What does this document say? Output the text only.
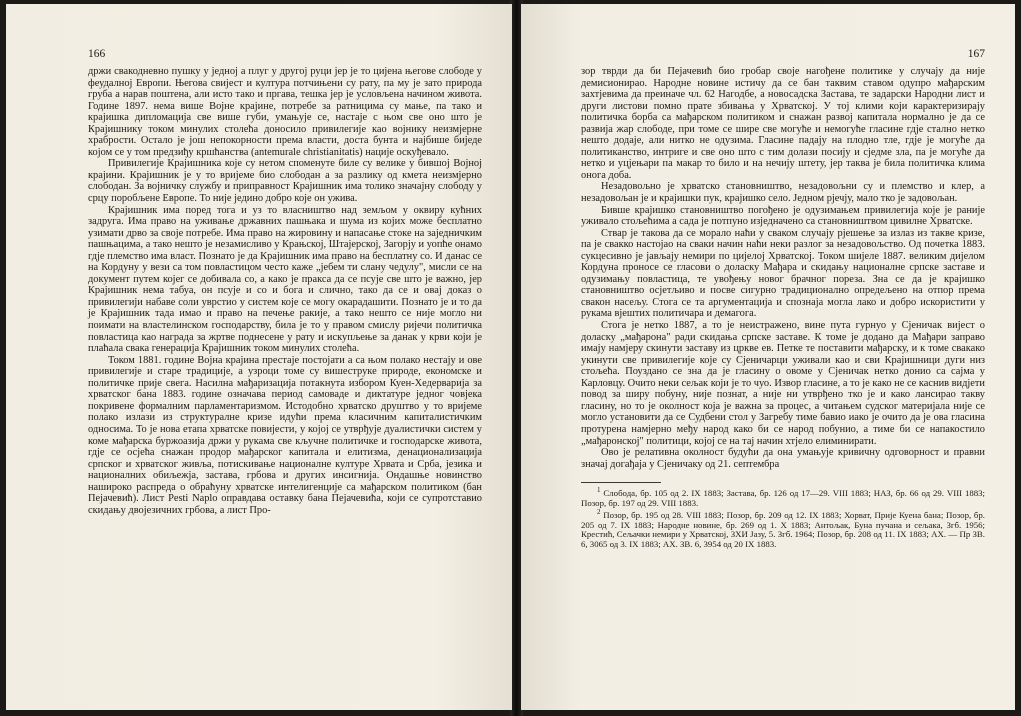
166

држи свакодневно пушку у једној а плуг у другој руци јер је то цијена његове слободе у феудалној Европи. Његова свијест и култура потчињени су рату, па му је зато природа груба а нарав поштена, али исто тако и пргава, тешка јер је условљена начином живота. Године 1897. нема више Војне крајине, потребе за ратницима су мање, па тако и крајишка дипломација све више губи, умањује се, настаје с њом све оно што је Крајишнику током минулих столећа доносило привилегије као војнику неизмјерне храбрости. Остало је још непокорности према власти, доста бунта и најбише биједе којом се у том предзиђу кршћанства (antemurale christianitatis) нације оскуђевало.

Привилегије Крајишника које су нетом споменуте биле су велике у бившој Војној крајини. Крајишник је у то вријеме био слободан а за разлику од кмета неизмјерно слободан. За војничку службу и приправност Крајишник има толико значајну слободу у срцу поробљене Европе. То није једино добро које он ужива.

Крајишник има поред тога и уз то власништво над земљом у оквиру кућних задруга. Има право на уживање државних пашњака и шума из којих може бесплатно узимати дрво за своје потребе. Има право на жировину и напасање стоке на заједничким пашњацима, а тако нешто је незамисливо у Крањској, Штајерској, Загорју и уопће онамо гдје племство има власт. Познато је да Крајишник има право на бесплатну со. И данас се на Кордуну у вези са том повластицом често каже „јебем ти слану чедулу", мисли се на документ путем којег се добивала со, а како је пракса да се псује све што је важно, јер Крајишник нема табуа, он псује и со и бога и слично, тако да се и овај доказ о привилегији набаве соли уврстио у систем које се могу окарадашити. Познато је и то да је Крајишник тада имао и право на печење ракије, а тако нешто се није могло ни поимати на властелинском господарству, била је то у правом смислу ријечи политичка повластица као награда за жртве поднесене у рату и искупљење за данак у крви који је плаћала свака генерација Крајишник током минулих столећа.

Током 1881. године Војна крајина престаје постојати а са њом полако нестају и ове привилегије и старе традиције, а узроци томе су вишеструке природе, економске и политичке прије свега. Насилна мађаризација потакнута избором Куен-Хедерварија за хрватског бана 1883. године означава период самоваде и диктатуре једног човјека покривене формалним парламентаризмом. Истодобно хрватско друштво у то вријеме полако излази из структуралне кризе идући према класичним капиталистичким односима. То је нова етапа хрватске повијести, у којој се утврђује дуалистички систем у коме мађарска буржоазија држи у рукама све кључне политичке и господарске живота, гдје се осјећа снажан продор мађарског капитала и елитизма, денационализација српског и хрватског живља, потискивање националне културе Хрвата и Срба, језика и националних обиљежја, застава, грбова и других инсигнија. Ондашње новинство нашироко распреда о обраћуну хрватске интелигенције са мађарском политиком (бан Пејачевић). Лист Pesti Naplo оправдава оставку бана Пејачевића, који се супротставио скидању двојезичних грбова, а лист Про-

167

зор тврди да би Пејачевић био гробар своје нагођене политике у случају да није демисионирао. Народне новине истичу да се бан таквим ставом одупро мађарским захтјевима да преиначе чл. 62 Нагодбе, а новосадска Застава, те задарски Народни лист и други листови помно прате збивања у Хрватској. У тој клими који карактеризирају политичка борба са мађарском политиком и снажан развој капитала нормално је да се развија жар слободе, при томе се шире све могуће и немогуће гласине гдје стално нетко нешто додаје, али нитко не одузима. Гласине падају на плодно тле, гдје је могуће да политиканство, интриге и све оно што с тим долази посију и сједме зла, па је могуће да нетко и уцјењари па макар то било и на нечију штету, јер таква је била политичка клима онога доба.

Незадовољно је хрватско становништво, незадовољни су и племство и клер, а незадовољан је и крајишки пук, крајишко село. Једном рјечју, мало тко је задовољан.

Бивше крајишко становништво погођено је одузимањем привилегија које је раније уживало стољећима а сада је потпуно изједначено са становништвом цивилне Хрватске.

Ствар је такова да се морало наћи у сваком случају рјешење за излаз из такве кризе, па је свакко настојао на сваки начин наћи неки разлог за незадовољство. Од почетка 1883. сукцесивно је јављају немири по цијелој Хрватској. Током шијеле 1887. великим дијелом Кордуна проносе се гласови о доласку Мађара и скидању националне српске заставе и одузимању повластица, те увођењу новог брачног пореза. Зна се да је крајишко становништво осјетљиво и посве сигурно традиционално опредељено на отпор према свакон насељу. Стога се та аргументација и спознаја могла лако и добро искористити у рукама вјештих политичара и демагога.

Стога је нетко 1887, а то је неистражено, вине пута гурнуо у Сјеничак вијест о доласку „мађарона" ради скидања српске заставе. К томе је додано да Мађари заправо имају намјеру скинути заставу из цркве ев. Петке те поставити мађарску, и к томе свакако укинути све привилегије које су Сјеничарци уживали као и сви Крајишници дуги низ стољећа. Поуздано се зна да је гласину о овоме у Сјеничак нетко донио са сајма у Карловцу. Очито неки сељак који је то чуо. Извор гласине, а то је како не се каснив видјети повод за ширу побуну, није познат, а није ни утврђено тко је и како лансирао такву гласину, но то је околност која је важна за процес, а читањем судског материјала није се могло установити да се Судбени стол у Загребу тиме бавио иако је очито да је ова гласина протурена намјерно међу народ како би се народ побунио, а тиме би се напакостило „мађаронској" политици, којој се на тај начин хтјело елиминирати.

Ово је релативна околност будући да она умањује кривичну одговорност и правни значај догађаја у Сјеничаку од 21. септембра

$^1$ Слобода, бр. 105 од 2. IX 1883; Застава, бр. 126 од 17—29. VIII 1883; НАЗ, бр. 66 од 29. VIII 1883; Позор, бр. 197 од 29. VIII 1883.

$^2$ Позор, бр. 195 од 28. VIII 1883; Позор, бр. 209 од 12. IX 1883; Хорват, Пријe Куена бана; Позор, бр. 205 од 7. IX 1883; Народне новине, бр. 269 од 1. X 1883; Антољак, Буна пучана и сељака, Згб. 1956; Крестић, Сељачки немири у Хрватској, ЗХИ Јазу, 5. Згб. 1964; Позор, бр. 208 од 11. IX 1883; АХ. — Пр ЗВ. 6, 3065 од 3. IX 1883; АХ. ЗВ. 6, 3954 од 20 IX 1883.
